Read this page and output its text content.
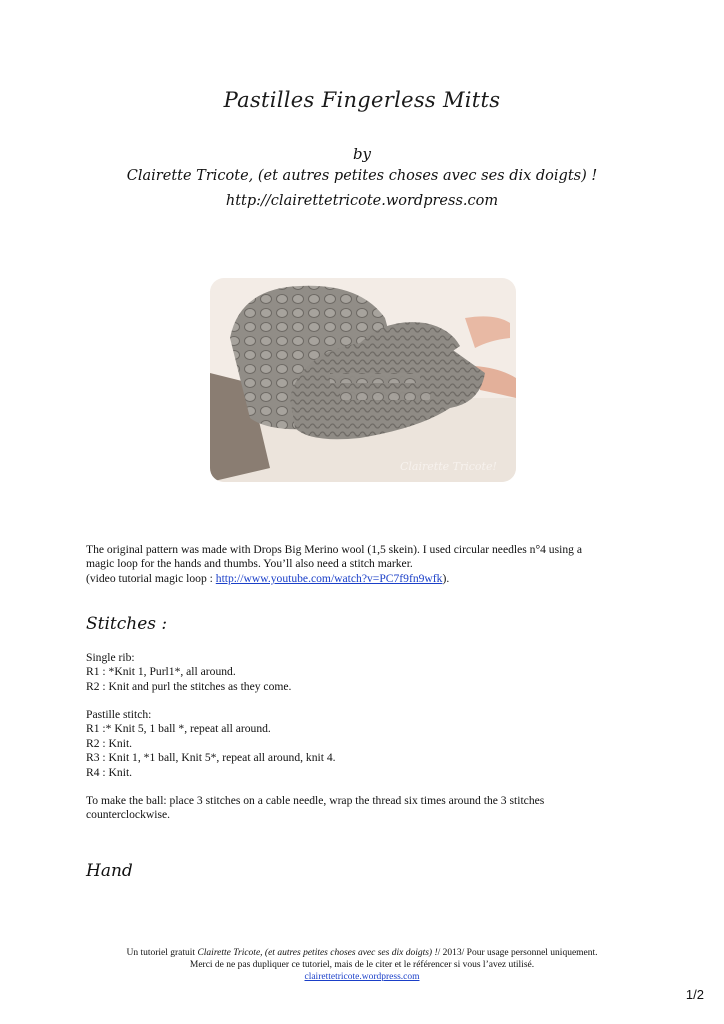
Pastilles Fingerless Mitts
by
Clairette Tricote, (et autres petites choses avec ses dix doigts) !
http://clairettetricote.wordpress.com
Clairette Tricote!
The original pattern was made with Drops Big Merino wool (1,5 skein). I used circular needles n°4 using a
magic loop for the hands and thumbs. You’ll also need a stitch marker.
(video tutorial magic loop : http://www.youtube.com/watch?v=PC7f9fn9wfk).
Stitches :
Single rib:
R1 : *Knit 1, Purl1*, all around.
R2 : Knit and purl the stitches as they come.
Pastille stitch:
R1 :* Knit 5, 1 ball *, repeat all around.
R2 : Knit.
R3 : Knit 1, *1 ball, Knit 5*, repeat all around, knit 4.
R4 : Knit.
To make the ball: place 3 stitches on a cable needle, wrap the thread six times around the 3 stitches
counterclockwise.
Hand
Un tutoriel gratuit Clairette Tricote, (et autres petites choses avec ses dix doigts) !/ 2013/ Pour usage personnel uniquement.
Merci de ne pas dupliquer ce tutoriel, mais de le citer et le référencer si vous l’avez utilisé.
clairettetricote.wordpress.com
1/2
